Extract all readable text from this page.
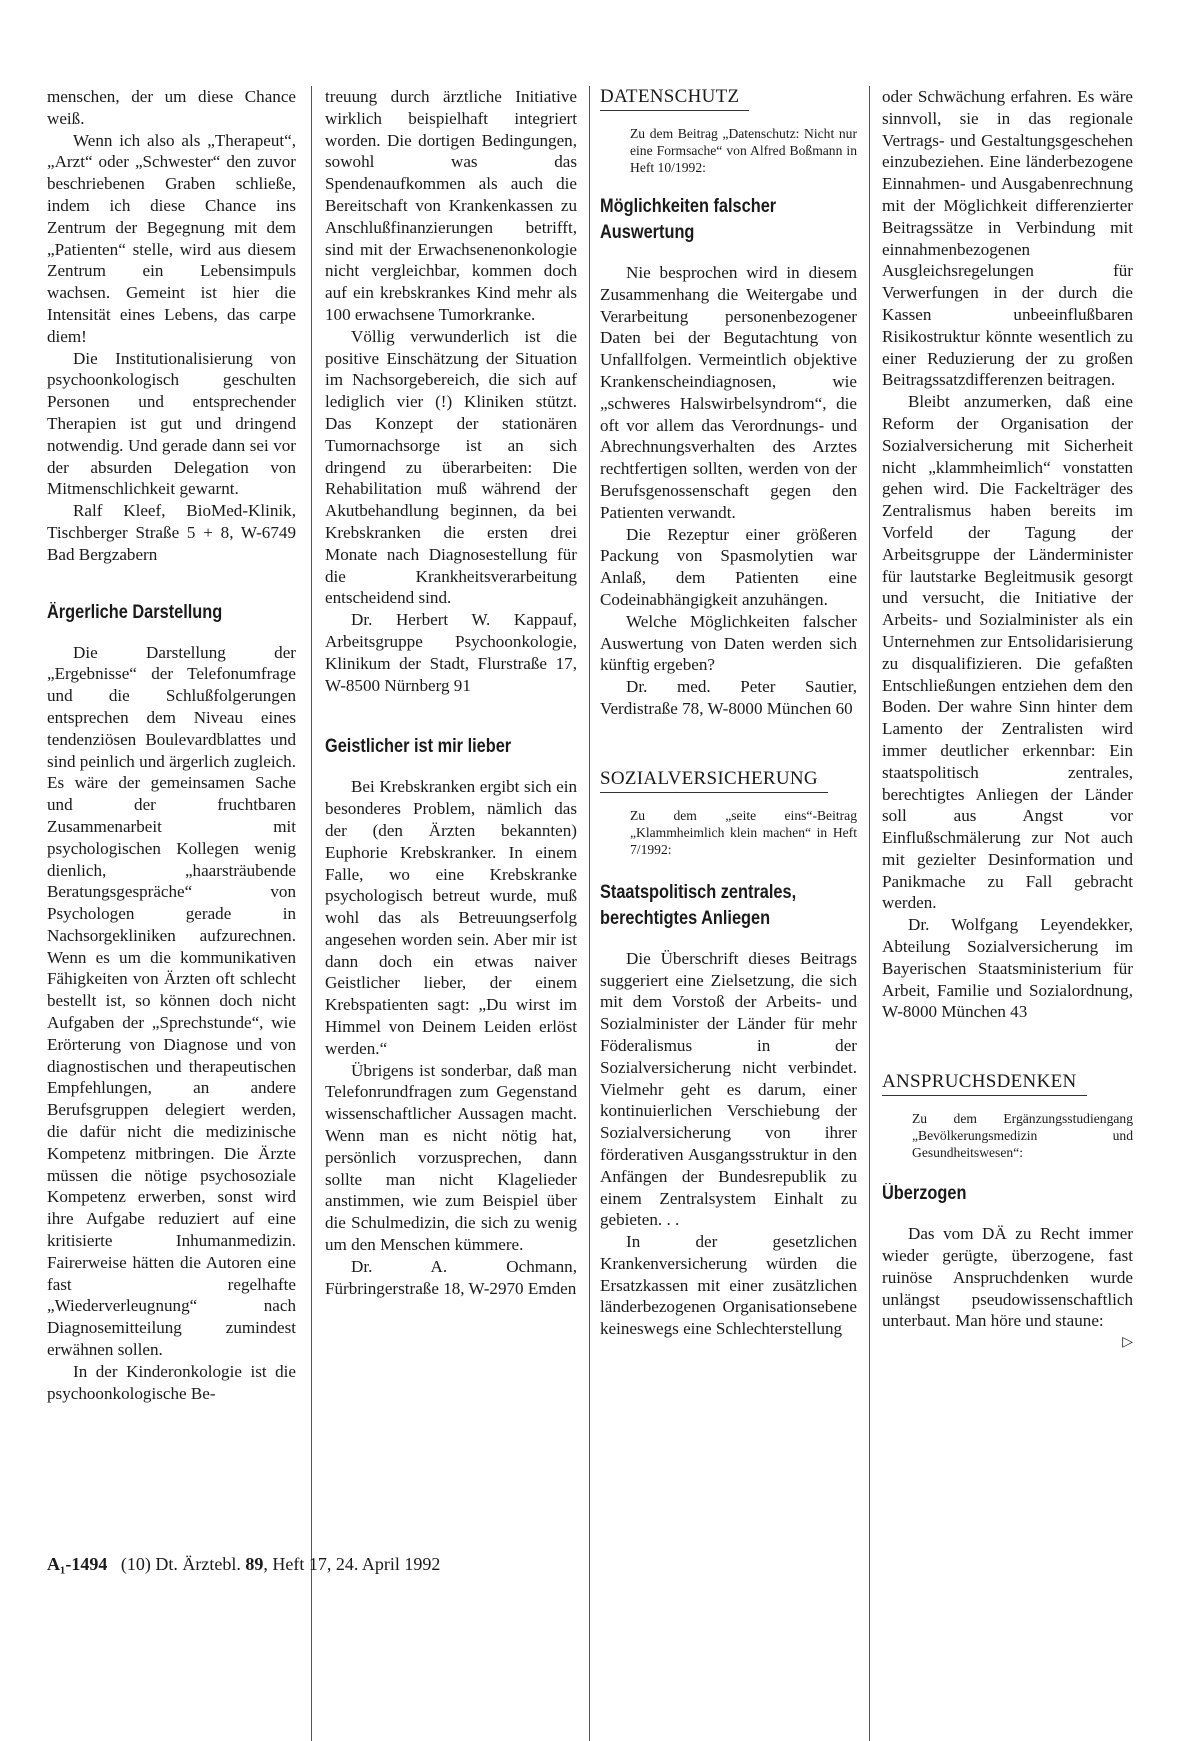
menschen, der um diese Chance weiß.

Wenn ich also als „Therapeut“, „Arzt“ oder „Schwester“ den zuvor beschriebenen Graben schließe, indem ich diese Chance ins Zentrum der Begegnung mit dem „Patienten“ stelle, wird aus diesem Zentrum ein Lebensimpuls wachsen. Gemeint ist hier die Intensität eines Lebens, das carpe diem!

Die Institutionalisierung von psychoonkologisch geschulten Personen und entsprechender Therapien ist gut und dringend notwendig. Und gerade dann sei vor der absurden Delegation von Mitmenschlichkeit gewarnt.

Ralf Kleef, BioMed-Klinik, Tischberger Straße 5 + 8, W-6749 Bad Bergzabern

Ärgerliche Darstellung

Die Darstellung der „Ergebnisse“ der Telefonumfrage und die Schlußfolgerungen entsprechen dem Niveau eines tendenziösen Boulevardblattes und sind peinlich und ärgerlich zugleich. Es wäre der gemeinsamen Sache und der fruchtbaren Zusammenarbeit mit psychologischen Kollegen wenig dienlich, „haarsträubende Beratungsgespräche“ von Psychologen gerade in Nachsorgekliniken aufzurechnen. Wenn es um die kommunikativen Fähigkeiten von Ärzten oft schlecht bestellt ist, so können doch nicht Aufgaben der „Sprechstunde“, wie Erörterung von Diagnose und von diagnostischen und therapeutischen Empfehlungen, an andere Berufsgruppen delegiert werden, die dafür nicht die medizinische Kompetenz mitbringen. Die Ärzte müssen die nötige psychosoziale Kompetenz erwerben, sonst wird ihre Aufgabe reduziert auf eine kritisierte Inhumanmedizin. Fairerweise hätten die Autoren eine fast regelhafte „Wiederverleugnung“ nach Diagnosemitteilung zumindest erwähnen sollen.

In der Kinderonkologie ist die psychoonkologische Be-

treuung durch ärztliche Initiative wirklich beispielhaft integriert worden. Die dortigen Bedingungen, sowohl was das Spendenaufkommen als auch die Bereitschaft von Krankenkassen zu Anschlußfinanzierungen betrifft, sind mit der Erwachsenenonkologie nicht vergleichbar, kommen doch auf ein krebskrankes Kind mehr als 100 erwachsene Tumorkranke.

Völlig verwunderlich ist die positive Einschätzung der Situation im Nachsorgebereich, die sich auf lediglich vier (!) Kliniken stützt. Das Konzept der stationären Tumornachsorge ist an sich dringend zu überarbeiten: Die Rehabilitation muß während der Akutbehandlung beginnen, da bei Krebskranken die ersten drei Monate nach Diagnosestellung für die Krankheitsverarbeitung entscheidend sind.

Dr. Herbert W. Kappauf, Arbeitsgruppe Psychoonkologie, Klinikum der Stadt, Flurstraße 17, W-8500 Nürnberg 91

Geistlicher ist mir lieber

Bei Krebskranken ergibt sich ein besonderes Problem, nämlich das der (den Ärzten bekannten) Euphorie Krebskranker. In einem Falle, wo eine Krebskranke psychologisch betreut wurde, muß wohl das als Betreuungserfolg angesehen worden sein. Aber mir ist dann doch ein etwas naiver Geistlicher lieber, der einem Krebspatienten sagt: „Du wirst im Himmel von Deinem Leiden erlöst werden.“

Übrigens ist sonderbar, daß man Telefonrundfragen zum Gegenstand wissenschaftlicher Aussagen macht. Wenn man es nicht nötig hat, persönlich vorzusprechen, dann sollte man nicht Klagelieder anstimmen, wie zum Beispiel über die Schulmedizin, die sich zu wenig um den Menschen kümmere.

Dr. A. Ochmann, Fürbringerstraße 18, W-2970 Emden

DATENSCHUTZ
Zu dem Beitrag „Datenschutz: Nicht nur eine Formsache“ von Alfred Boßmann in Heft 10/1992:
Möglichkeiten falscher Auswertung

Nie besprochen wird in diesem Zusammenhang die Weitergabe und Verarbeitung personenbezogener Daten bei der Begutachtung von Unfallfolgen. Vermeintlich objektive Krankenscheindiagnosen, wie „schweres Halswirbelsyndrom“, die oft vor allem das Verordnungs- und Abrechnungsverhalten des Arztes rechtfertigen sollten, werden von der Berufsgenossenschaft gegen den Patienten verwandt.

Die Rezeptur einer größeren Packung von Spasmolytien war Anlaß, dem Patienten eine Codeinabhängigkeit anzuhängen.

Welche Möglichkeiten falscher Auswertung von Daten werden sich künftig ergeben?

Dr. med. Peter Sautier, Verdistraße 78, W-8000 München 60

SOZIALVERSICHERUNG
Zu dem „seite eins“-Beitrag „Klammheimlich klein machen“ in Heft 7/1992:
Staatspolitisch zentrales, berechtigtes Anliegen

Die Überschrift dieses Beitrags suggeriert eine Zielsetzung, die sich mit dem Vorstoß der Arbeits- und Sozialminister der Länder für mehr Föderalismus in der Sozialversicherung nicht verbindet. Vielmehr geht es darum, einer kontinuierlichen Verschiebung der Sozialversicherung von ihrer förderativen Ausgangsstruktur in den Anfängen der Bundesrepublik zu einem Zentralsystem Einhalt zu gebieten. . .

In der gesetzlichen Krankenversicherung würden die Ersatzkassen mit einer zusätzlichen länderbezogenen Organisationsebene keineswegs eine Schlechterstellung

oder Schwächung erfahren. Es wäre sinnvoll, sie in das regionale Vertrags- und Gestaltungsgeschehen einzubeziehen. Eine länderbezogene Einnahmen- und Ausgabenrechnung mit der Möglichkeit differenzierter Beitragssätze in Verbindung mit einnahmenbezogenen Ausgleichsregelungen für Verwerfungen in der durch die Kassen unbeeinflußbaren Risikostruktur könnte wesentlich zu einer Reduzierung der zu großen Beitragssatzdifferenzen beitragen.

Bleibt anzumerken, daß eine Reform der Organisation der Sozialversicherung mit Sicherheit nicht „klammheimlich“ vonstatten gehen wird. Die Fackelträger des Zentralismus haben bereits im Vorfeld der Tagung der Arbeitsgruppe der Länderminister für lautstarke Begleitmusik gesorgt und versucht, die Initiative der Arbeits- und Sozialminister als ein Unternehmen zur Entsolidarisierung zu disqualifizieren. Die gefaßten Entschließungen entziehen dem den Boden. Der wahre Sinn hinter dem Lamento der Zentralisten wird immer deutlicher erkennbar: Ein staatspolitisch zentrales, berechtigtes Anliegen der Länder soll aus Angst vor Einflußschmälerung zur Not auch mit gezielter Desinformation und Panikmache zu Fall gebracht werden.

Dr. Wolfgang Leyendekker, Abteilung Sozialversicherung im Bayerischen Staatsministerium für Arbeit, Familie und Sozialordnung, W-8000 München 43

ANSPRUCHSDENKEN
Zu dem Ergänzungsstudiengang „Bevölkerungsmedizin und Gesundheitswesen“:
Überzogen

Das vom DÄ zu Recht immer wieder gerügte, überzogene, fast ruinöse Anspruchdenken wurde unlängst pseudowissenschaftlich unterbaut. Man höre und staune:
▷

A₁-1494 (10) Dt. Ärztebl. 89, Heft 17, 24. April 1992
